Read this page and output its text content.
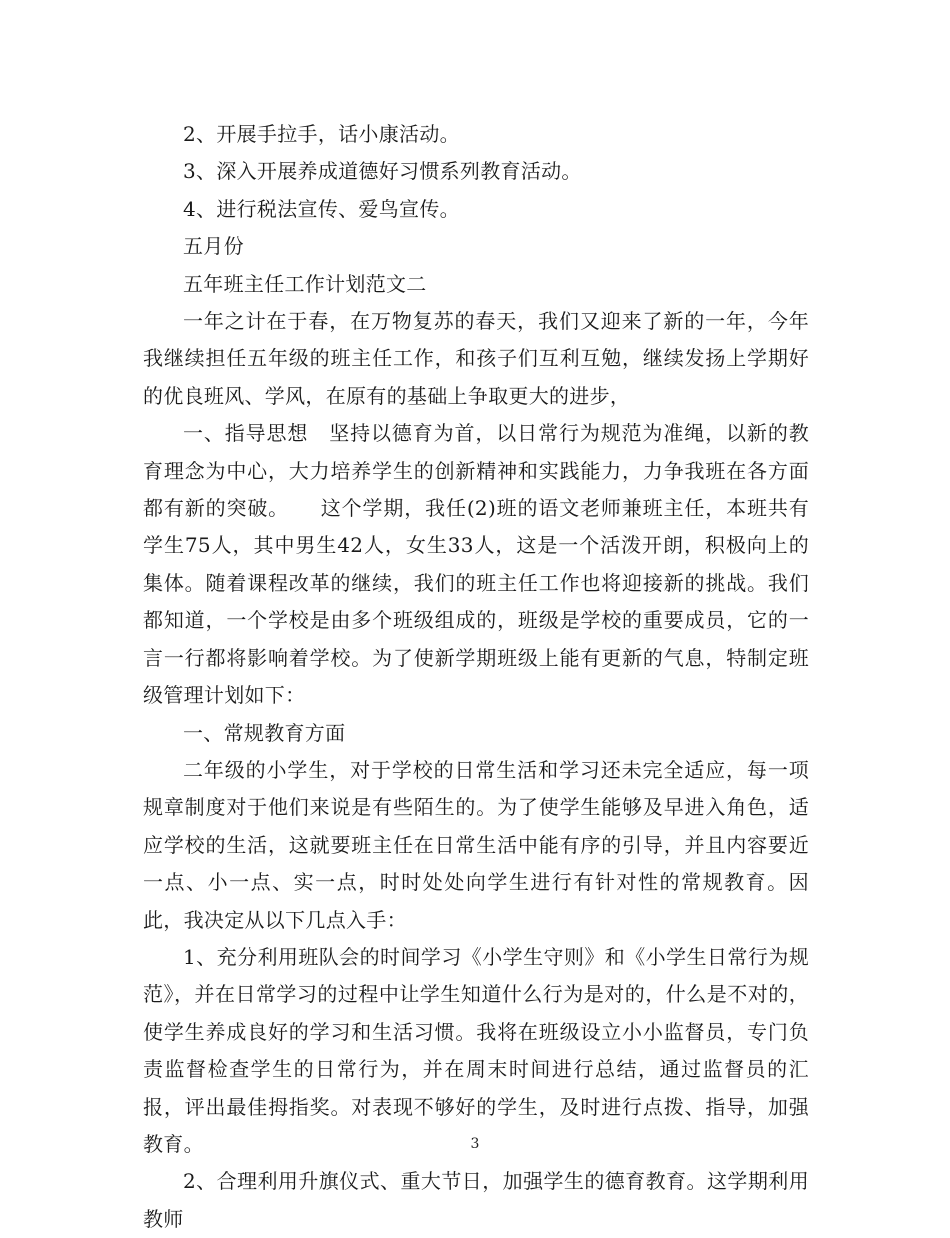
2、开展手拉手，话小康活动。

3、深入开展养成道德好习惯系列教育活动。

4、进行税法宣传、爱鸟宣传。

五月份

五年班主任工作计划范文二

一年之计在于春，在万物复苏的春天，我们又迎来了新的一年，今年我继续担任五年级的班主任工作，和孩子们互利互勉，继续发扬上学期好的优良班风、学风，在原有的基础上争取更大的进步，

一、指导思想　坚持以德育为首，以日常行为规范为准绳，以新的教育理念为中心，大力培养学生的创新精神和实践能力，力争我班在各方面都有新的突破。　　这个学期，我任(2)班的语文老师兼班主任，本班共有学生75人，其中男生42人，女生33人，这是一个活泼开朗，积极向上的集体。随着课程改革的继续，我们的班主任工作也将迎接新的挑战。我们都知道，一个学校是由多个班级组成的，班级是学校的重要成员，它的一言一行都将影响着学校。为了使新学期班级上能有更新的气息，特制定班级管理计划如下：

一、常规教育方面

二年级的小学生，对于学校的日常生活和学习还未完全适应，每一项规章制度对于他们来说是有些陌生的。为了使学生能够及早进入角色，适应学校的生活，这就要班主任在日常生活中能有序的引导，并且内容要近一点、小一点、实一点，时时处处向学生进行有针对性的常规教育。因此，我决定从以下几点入手：

1、充分利用班队会的时间学习《小学生守则》和《小学生日常行为规范》，并在日常学习的过程中让学生知道什么行为是对的，什么是不对的，使学生养成良好的学习和生活习惯。我将在班级设立小小监督员，专门负责监督检查学生的日常行为，并在周末时间进行总结，通过监督员的汇报，评出最佳拇指奖。对表现不够好的学生，及时进行点拨、指导，加强教育。

2、合理利用升旗仪式、重大节日，加强学生的德育教育。这学期利用教师

3
